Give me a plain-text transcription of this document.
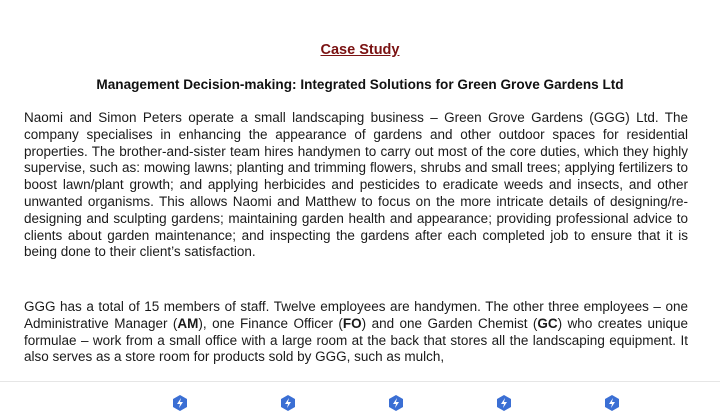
Case Study
Management Decision-making: Integrated Solutions for Green Grove Gardens Ltd

Naomi and Simon Peters operate a small landscaping business – Green Grove Gardens (GGG) Ltd. The company specialises in enhancing the appearance of gardens and other outdoor spaces for residential properties. The brother-and-sister team hires handymen to carry out most of the core duties, which they highly supervise, such as: mowing lawns; planting and trimming flowers, shrubs and small trees; applying fertilizers to boost lawn/plant growth; and applying herbicides and pesticides to eradicate weeds and insects, and other unwanted organisms. This allows Naomi and Matthew to focus on the more intricate details of designing/re-designing and sculpting gardens; maintaining garden health and appearance; providing professional advice to clients about garden maintenance; and inspecting the gardens after each completed job to ensure that it is being done to their client’s satisfaction.

GGG has a total of 15 members of staff. Twelve employees are handymen. The other three employees – one Administrative Manager (AM), one Finance Officer (FO) and one Garden Chemist (GC) who creates unique formulae – work from a small office with a large room at the back that stores all the landscaping equipment. It also serves as a store room for products sold by GGG, such as mulch,
